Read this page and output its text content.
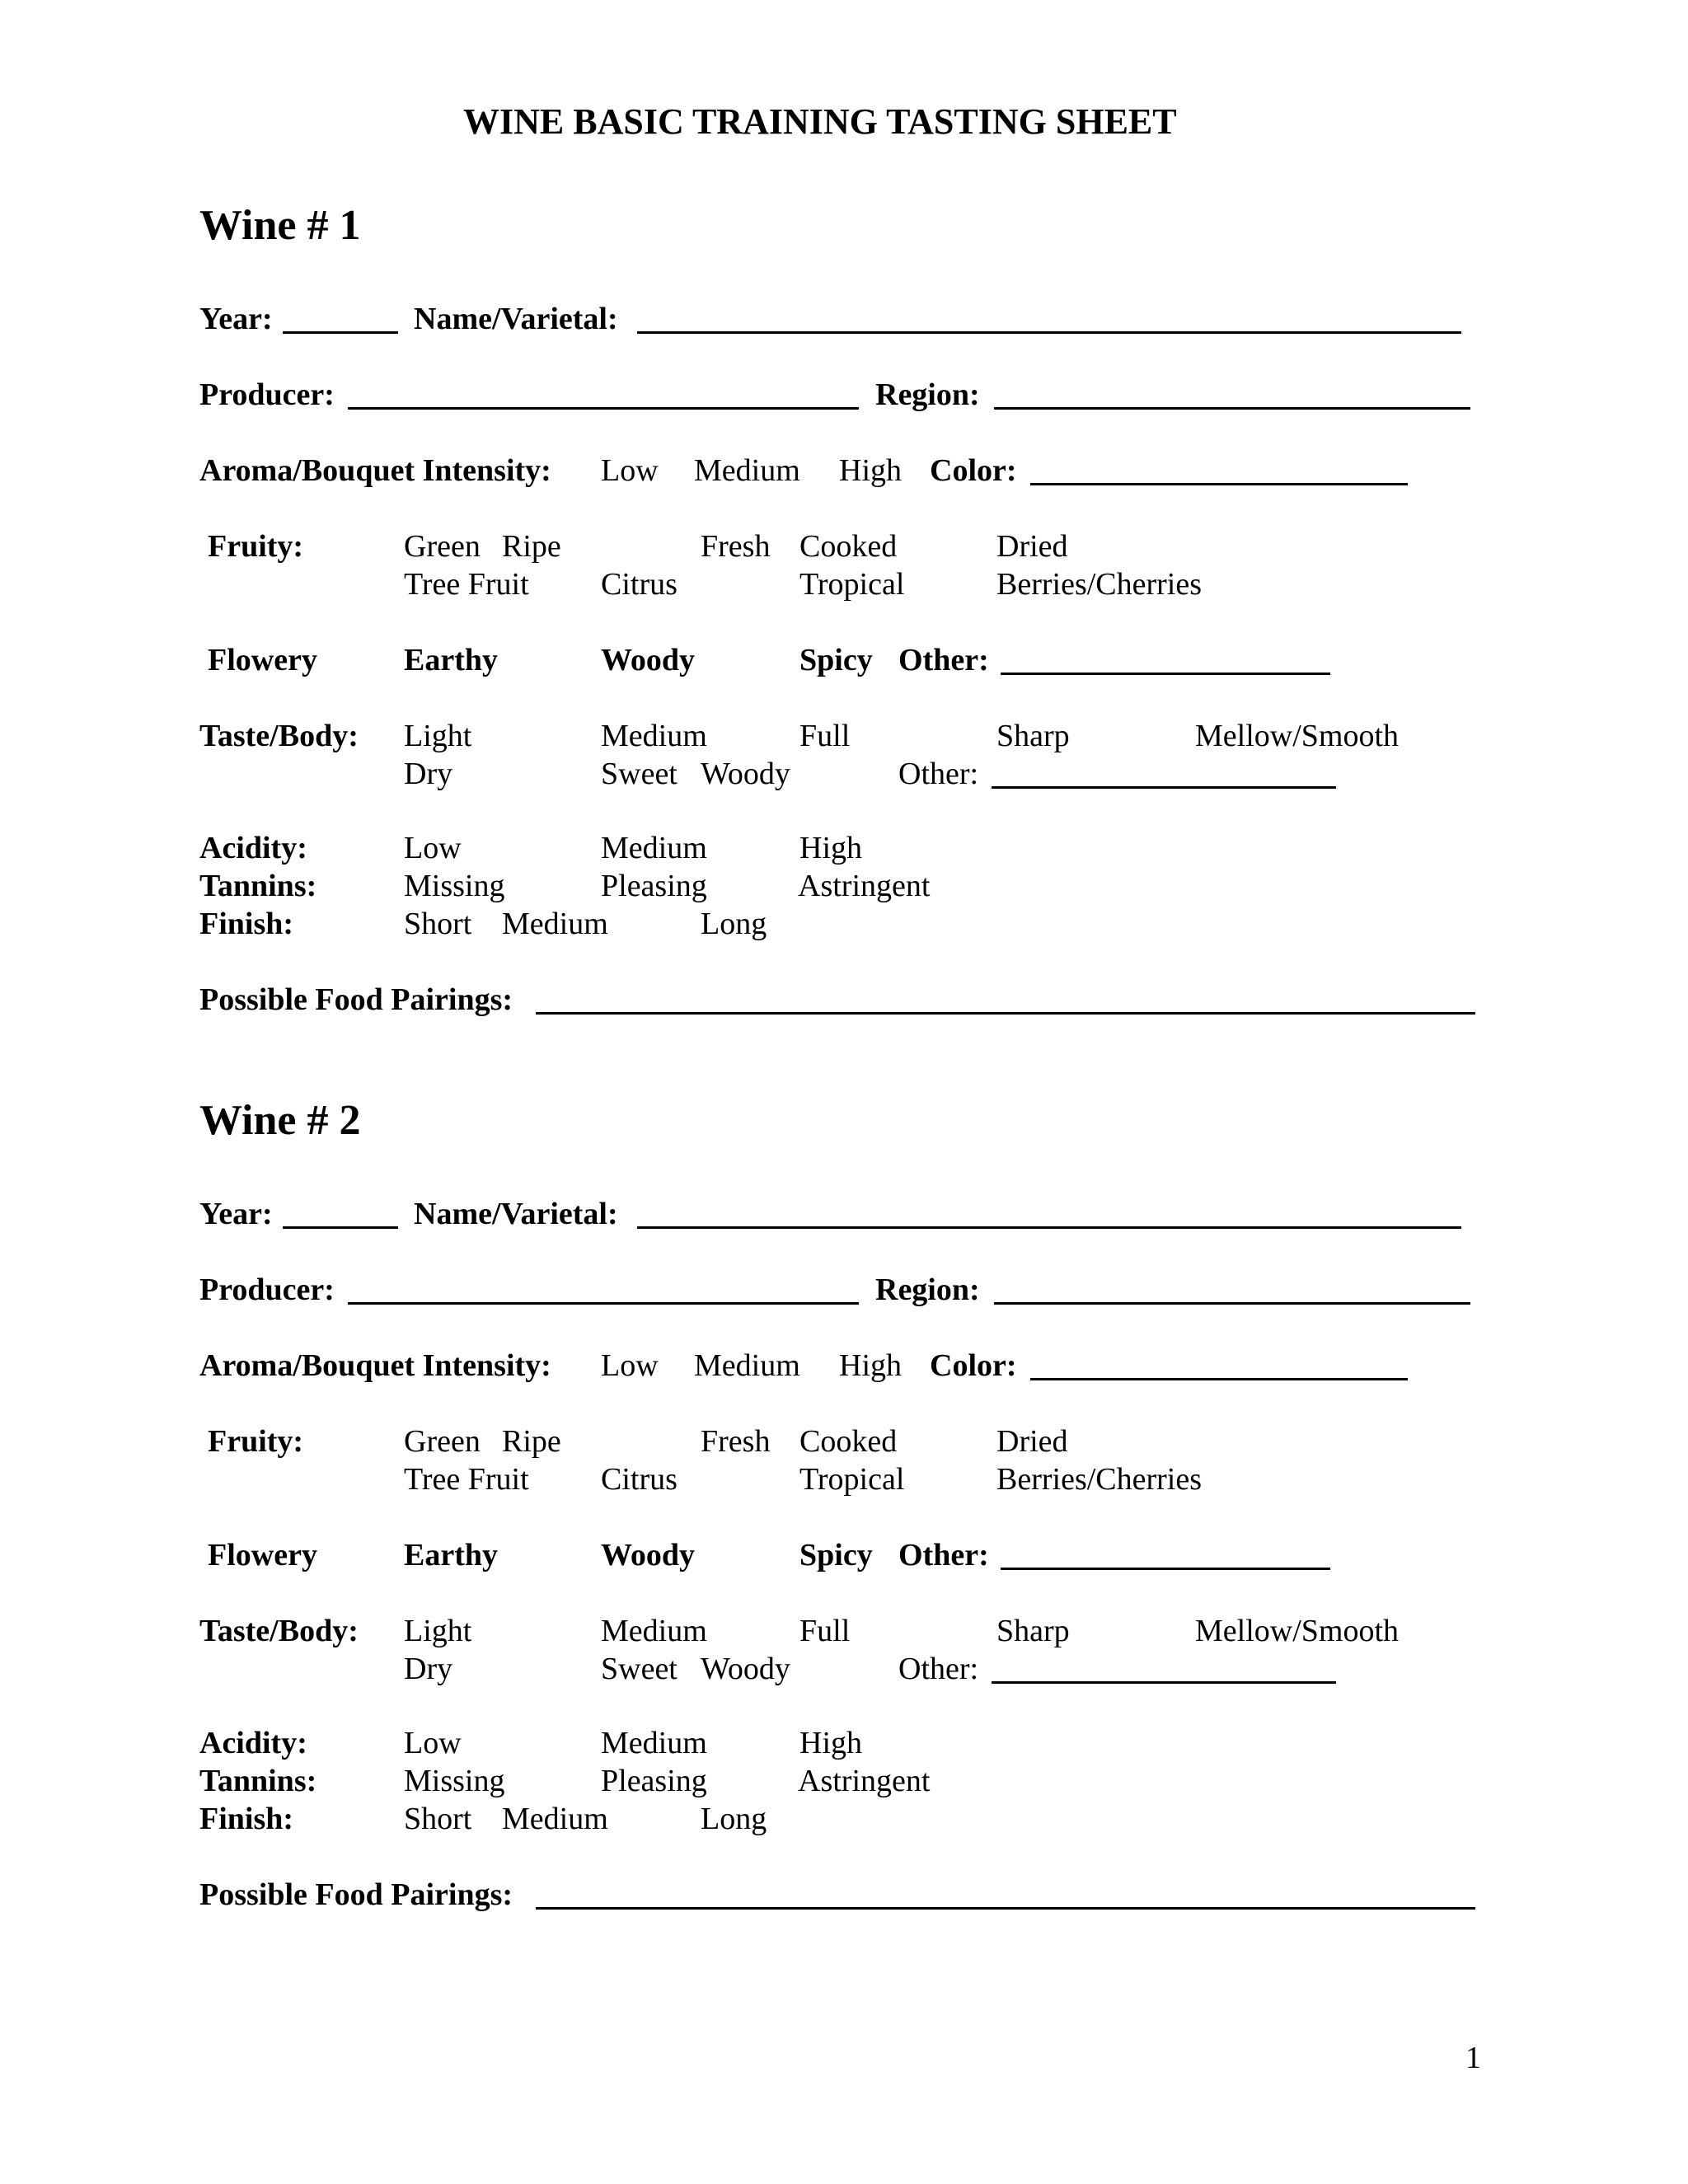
WINE BASIC TRAINING TASTING SHEET
Wine # 1
Year:	Name/Varietal:
Producer:	Region:
Aroma/Bouquet Intensity: Low Medium High Color:
Fruity:	Green Ripe	Fresh Cooked	Dried
Tree Fruit Citrus	Tropical	Berries/Cherries
Flowery	Earthy	Woody	Spicy Other:
Taste/Body: Light	Medium	Full	Sharp	Mellow/Smooth
Dry	Sweet Woody	Other:
Acidity:	Low	Medium	High
Tannins:	Missing	Pleasing	Astringent
Finish:	Short Medium	Long
Possible Food Pairings:
Wine # 2
Year:	Name/Varietal:
Producer:	Region:
Aroma/Bouquet Intensity: Low Medium High Color:
Fruity:	Green Ripe	Fresh Cooked	Dried
Tree Fruit Citrus	Tropical	Berries/Cherries
Flowery	Earthy	Woody	Spicy Other:
Taste/Body: Light	Medium	Full	Sharp	Mellow/Smooth
Dry	Sweet Woody	Other:
Acidity:	Low	Medium	High
Tannins:	Missing	Pleasing	Astringent
Finish:	Short Medium	Long
Possible Food Pairings:
1
